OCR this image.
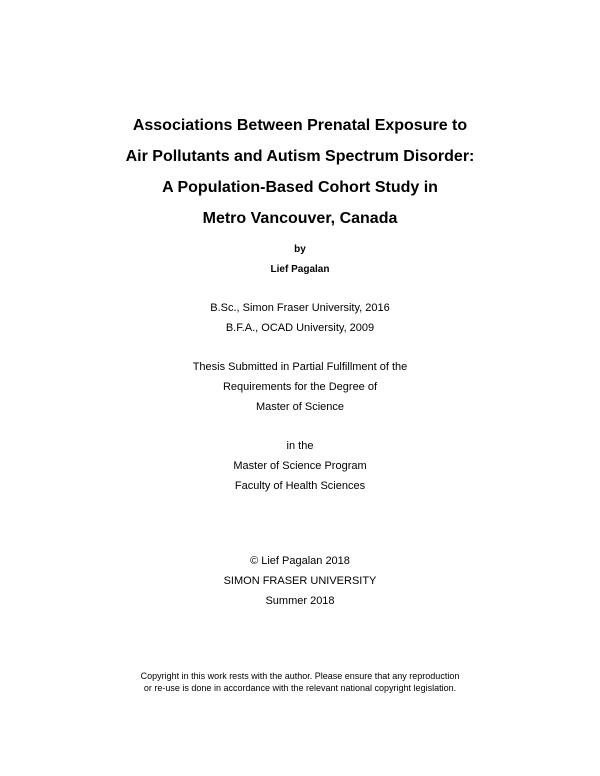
Associations Between Prenatal Exposure to
Air Pollutants and Autism Spectrum Disorder:
A Population-Based Cohort Study in
Metro Vancouver, Canada
by
Lief Pagalan
B.Sc., Simon Fraser University, 2016
B.F.A., OCAD University, 2009
Thesis Submitted in Partial Fulfillment of the
Requirements for the Degree of
Master of Science
in the
Master of Science Program
Faculty of Health Sciences
© Lief Pagalan 2018
SIMON FRASER UNIVERSITY
Summer 2018
Copyright in this work rests with the author. Please ensure that any reproduction
or re-use is done in accordance with the relevant national copyright legislation.
